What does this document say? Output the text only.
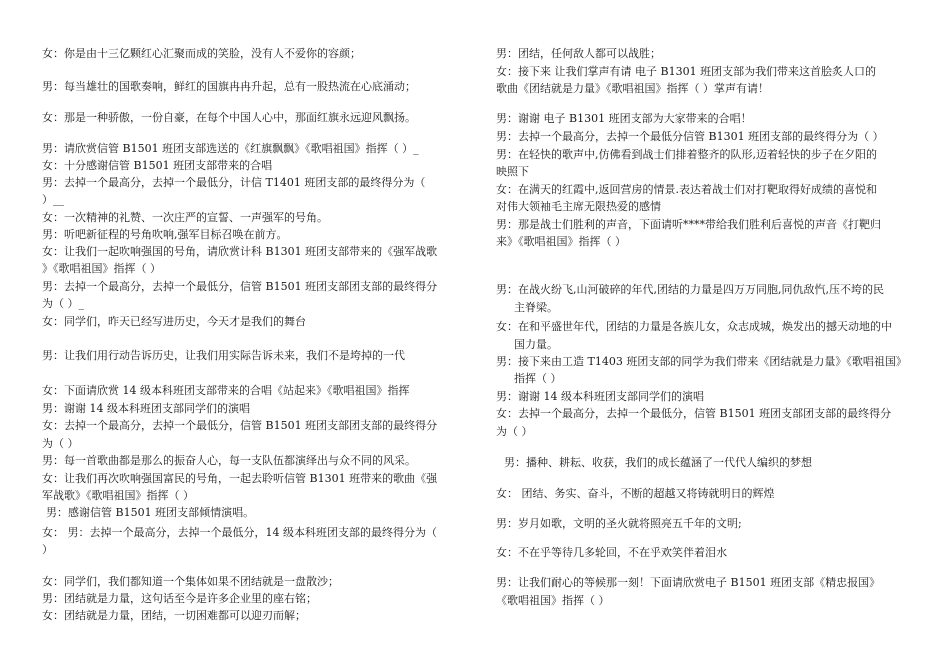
女：你是由十三亿颗红心汇聚而成的笑脸，没有人不爱你的容颜；
男：每当雄壮的国歌奏响，鲜红的国旗冉冉升起，总有一股热流在心底涌动；
女：那是一种骄傲，一份自豪，在每个中国人心中，那面红旗永远迎风飘扬。
男：请欣赏信管 B1501 班团支部选送的《红旗飘飘》《歌唱祖国》指挥（ ）_
女：十分感谢信管 B1501 班团支部带来的合唱
男：去掉一个最高分，去掉一个最低分，计信 T1401 班团支部的最终得分为（
）__
女：一次精神的礼赞、一次庄严的宣誓、一声强军的号角。
男：听吧新征程的号角吹响,强军目标召唤在前方。
女：让我们一起吹响强国的号角，请欣赏计科 B1301 班团支部带来的《强军战歌
》《歌唱祖国》指挥（ ）
男：去掉一个最高分，去掉一个最低分，信管 B1501 班团支部团支部的最终得分
为（ ）_
女：同学们，昨天已经写进历史，今天才是我们的舞台
男：让我们用行动告诉历史，让我们用实际告诉未来，我们不是垮掉的一代
女：下面请欣赏 14 级本科班团支部带来的合唱《站起来》《歌唱祖国》指挥
男：谢谢 14 级本科班团支部同学们的演唱
女：去掉一个最高分，去掉一个最低分，信管 B1501 班团支部团支部的最终得分
为（ ）
男：每一首歌曲都是那么的振奋人心，每一支队伍都演绎出与众不同的风采。
女：让我们再次吹响强国富民的号角，一起去聆听信管 B1301 班带来的歌曲《强
军战歌》《歌唱祖国》指挥（ ）
男：感谢信管 B1501 班团支部倾情演唱。
女： 男：去掉一个最高分，去掉一个最低分，14 级本科班团支部的最终得分为（
）
女：同学们，我们都知道一个集体如果不团结就是一盘散沙；
男：团结就是力量，这句话至今是许多企业里的座右铭；
女：团结就是力量，团结，一切困难都可以迎刃而解；
男：团结，任何敌人都可以战胜；
女：接下来 让我们掌声有请 电子 B1301 班团支部为我们带来这首脍炙人口的
歌曲《团结就是力量》《歌唱祖国》指挥（ ）掌声有请！
男：谢谢 电子 B1301 班团支部为大家带来的合唱！
男：去掉一个最高分，去掉一个最低分信管 B1301 班团支部的最终得分为（ ）
男：在轻快的歌声中,仿佛看到战士们排着整齐的队形,迈着轻快的步子在夕阳的
映照下
女：在满天的红霞中,返回营房的情景.表达着战士们对打靶取得好成绩的喜悦和
对伟大领袖毛主席无限热爱的感情
男：那是战士们胜利的声音，下面请听****带给我们胜利后喜悦的声音《打靶归
来》《歌唱祖国》指挥（ ）
男：在战火纷飞,山河破碎的年代,团结的力量是四万万同胞,同仇敌忾,压不垮的民
主脊梁。
女：在和平盛世年代，团结的力量是各族儿女，众志成城，焕发出的撼天动地的中
国力量。
男：接下来由工造 T1403 班团支部的同学为我们带来《团结就是力量》《歌唱祖国》
指挥（ ）
男：谢谢 14 级本科班团支部同学们的演唱
女：去掉一个最高分，去掉一个最低分，信管 B1501 班团支部团支部的最终得分
为（ ）
男：播种、耕耘、收获，我们的成长蕴涵了一代代人编织的梦想
女： 团结、务实、奋斗，不断的超越又将铸就明日的辉煌
男：岁月如歌，文明的圣火就将照亮五千年的文明;
女：不在乎等待几多轮回，不在乎欢笑伴着泪水
男：让我们耐心的等候那一刻！下面请欣赏电子 B1501 班团支部《精忠报国》
《歌唱祖国》指挥（ ）
